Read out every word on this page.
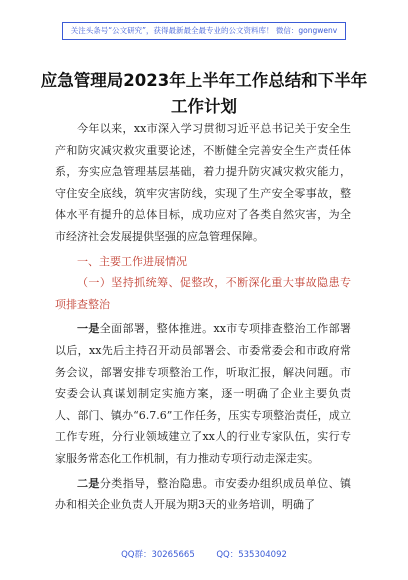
关注头条号“公文研究”，获得最新最全最专业的公文资料库！ 微信：gongwenv
应急管理局2023年上半年工作总结和下半年工作计划

今年以来，xx市深入学习贯彻习近平总书记关于安全生产和防灾减灾救灾重要论述，不断健全完善安全生产责任体系，夯实应急管理基层基础，着力提升防灾减灾救灾能力，守住安全底线，筑牢灾害防线，实现了生产安全零事故，整体水平有提升的总体目标，成功应对了各类自然灾害，为全市经济社会发展提供坚强的应急管理保障。

一、主要工作进展情况

（一）坚持抓统筹、促整改，不断深化重大事故隐患专项排查整治

一是全面部署，整体推进。xx市专项排查整治工作部署以后，xx先后主持召开动员部署会、市委常委会和市政府常务会议，部署安排专项整治工作，听取汇报，解决问题。市安委会认真谋划制定实施方案，逐一明确了企业主要负责人、部门、镇办“6.7.6”工作任务，压实专项整治责任，成立工作专班，分行业领域建立了xx人的行业专家队伍，实行专家服务常态化工作机制，有力推动专项行动走深走实。

二是分类指导，整治隐患。市安委办组织成员单位、镇办和相关企业负责人开展为期3天的业务培训，明确了

QQ群：30265665        QQ：535304092
